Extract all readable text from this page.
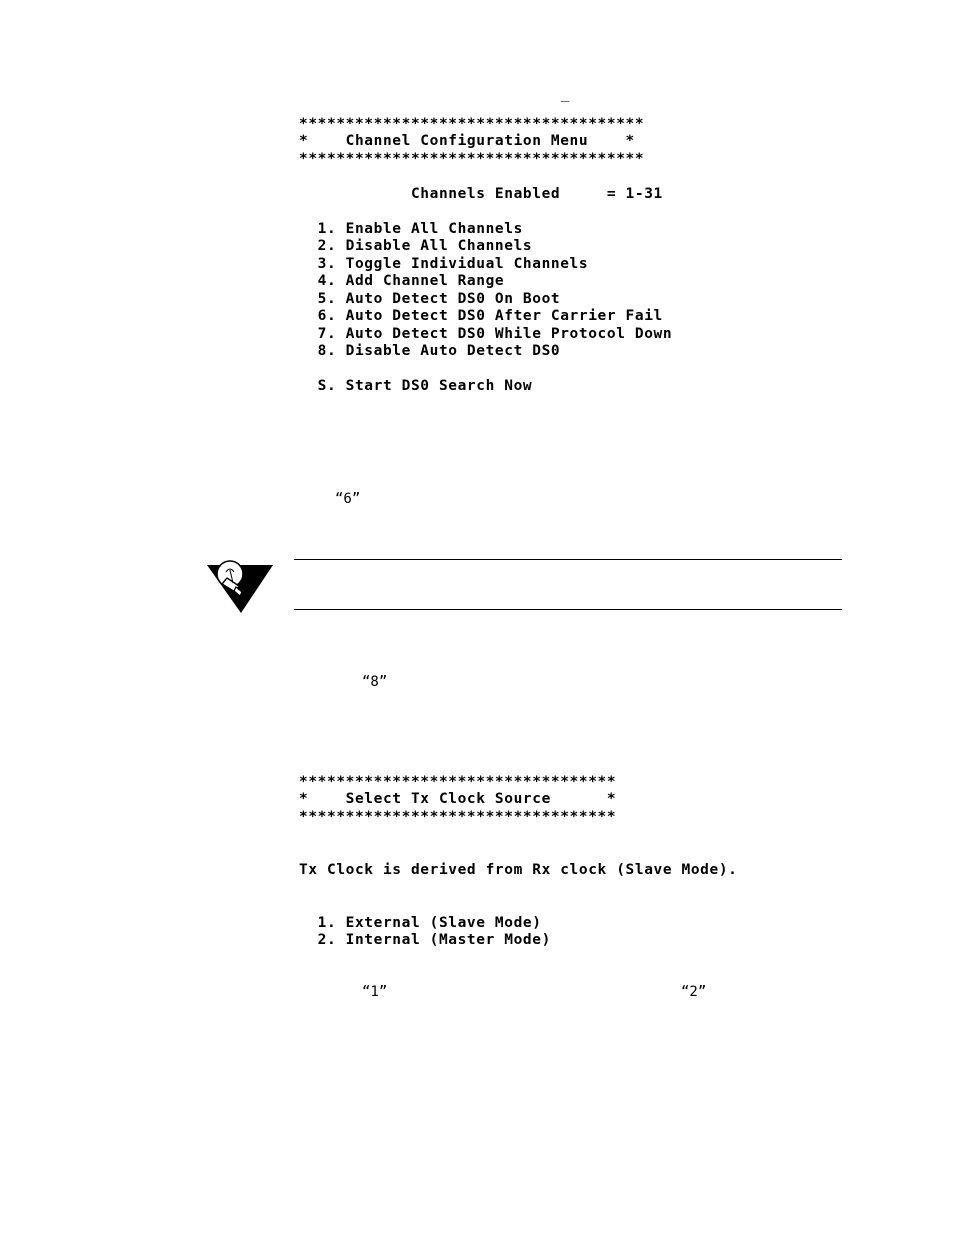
_
*************************************
*    Channel Configuration Menu    *
*************************************
Channels Enabled     = 1-31
1. Enable All Channels
2. Disable All Channels
3. Toggle Individual Channels
4. Add Channel Range
5. Auto Detect DS0 On Boot
6. Auto Detect DS0 After Carrier Fail
7. Auto Detect DS0 While Protocol Down
8. Disable Auto Detect DS0
S. Start DS0 Search Now
“6”
“8”
**********************************
*    Select Tx Clock Source      *
**********************************
Tx Clock is derived from Rx clock (Slave Mode).
1. External (Slave Mode)
2. Internal (Master Mode)
“1”	“2”
